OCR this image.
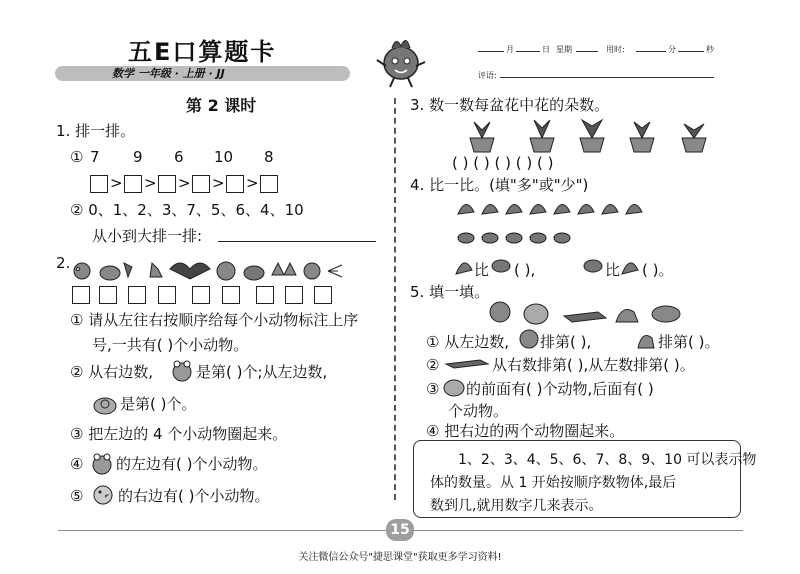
五E口算题卡
数学 一年级 · 上册 · JJ
月	日 星期	用时:	分	秒
评语:
第 2 课时
1. 排一排。
① 7 9 6 10 8
> > > > >
② 0、1、2、3、7、5、6、4、10
从小到大排一排:
2.
① 请从左往右按顺序给每个小动物标注上序
号,一共有( )个小动物。
② 从右边数,	是第( )个;从左边数,
是第( )个。
③ 把左边的 4 个小动物圈起来。
④ 的左边有( )个小动物。
⑤ 的右边有( )个小动物。
3. 数一数每盆花中花的朵数。
( ) ( ) ( ) ( ) ( )
4. 比一比。(填"多"或"少")
比 ( ),	比 ( )。
5. 填一填。
① 从左边数, 排第( ),	排第( )。
②	从右数排第( ),从左数排第( )。
③ 的前面有( )个动物,后面有( )
个动物。
④ 把右边的两个动物圈起来。
1、2、3、4、5、6、7、8、9、10 可以表示物
体的数量。从 1 开始按顺序数物体,最后
数到几,就用数字几来表示。
15
关注微信公众号"捷思课堂"获取更多学习资料!
